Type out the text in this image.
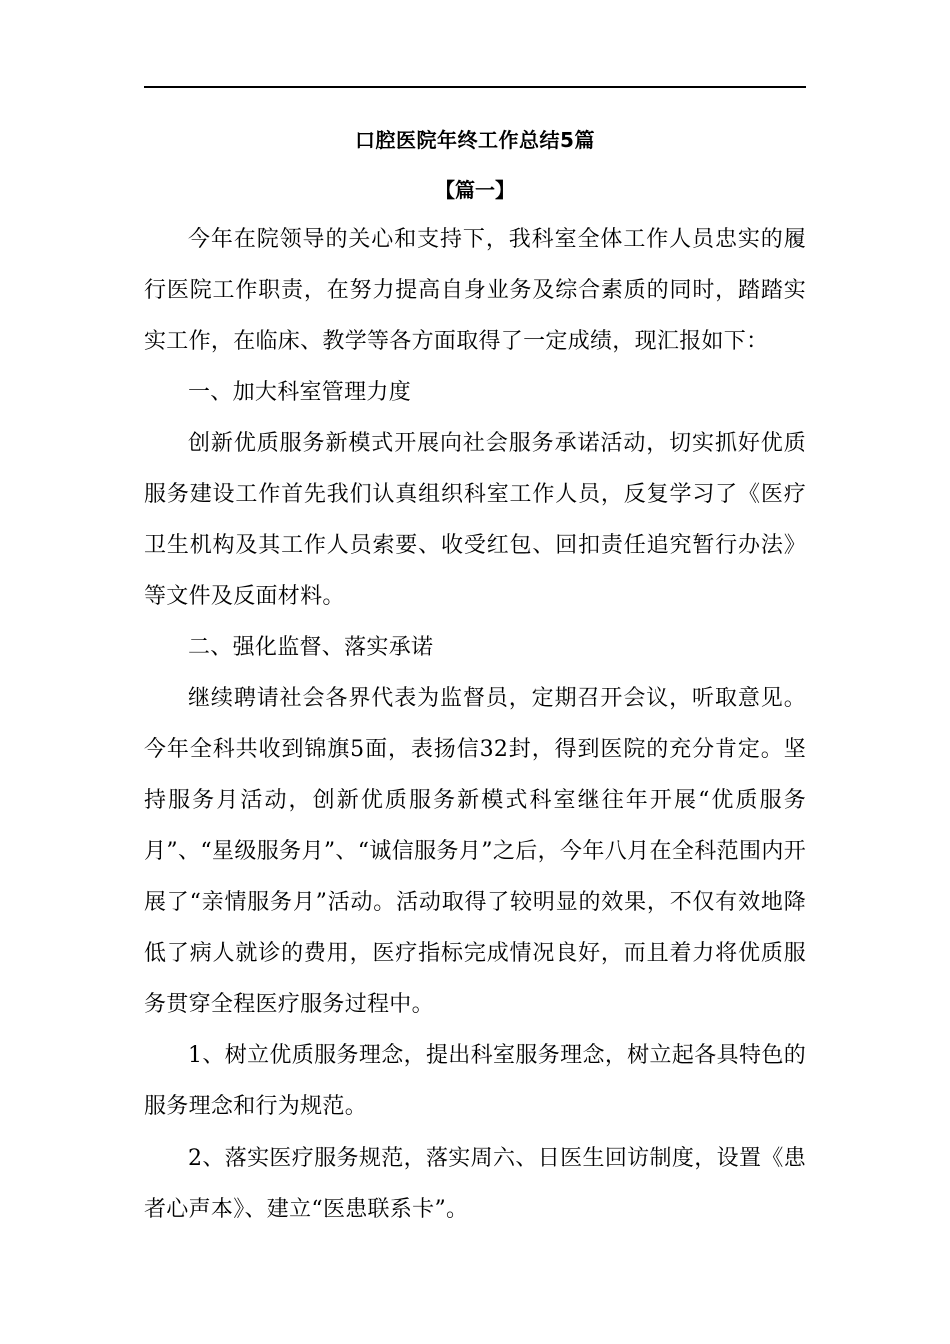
口腔医院年终工作总结5篇
【篇一】

今年在院领导的关心和支持下，我科室全体工作人员忠实的履行医院工作职责，在努力提高自身业务及综合素质的同时，踏踏实实工作，在临床、教学等各方面取得了一定成绩，现汇报如下：

一、加大科室管理力度

创新优质服务新模式开展向社会服务承诺活动，切实抓好优质服务建设工作首先我们认真组织科室工作人员，反复学习了《医疗卫生机构及其工作人员索要、收受红包、回扣责任追究暂行办法》等文件及反面材料。

二、强化监督、落实承诺

继续聘请社会各界代表为监督员，定期召开会议，听取意见。今年全科共收到锦旗5面，表扬信32封，得到医院的充分肯定。坚持服务月活动，创新优质服务新模式科室继往年开展“优质服务月”、“星级服务月”、“诚信服务月”之后，今年八月在全科范围内开展了“亲情服务月”活动。活动取得了较明显的效果，不仅有效地降低了病人就诊的费用，医疗指标完成情况良好，而且着力将优质服务贯穿全程医疗服务过程中。

1、树立优质服务理念，提出科室服务理念，树立起各具特色的服务理念和行为规范。

2、落实医疗服务规范，落实周六、日医生回访制度，设置《患者心声本》、建立“医患联系卡”。
